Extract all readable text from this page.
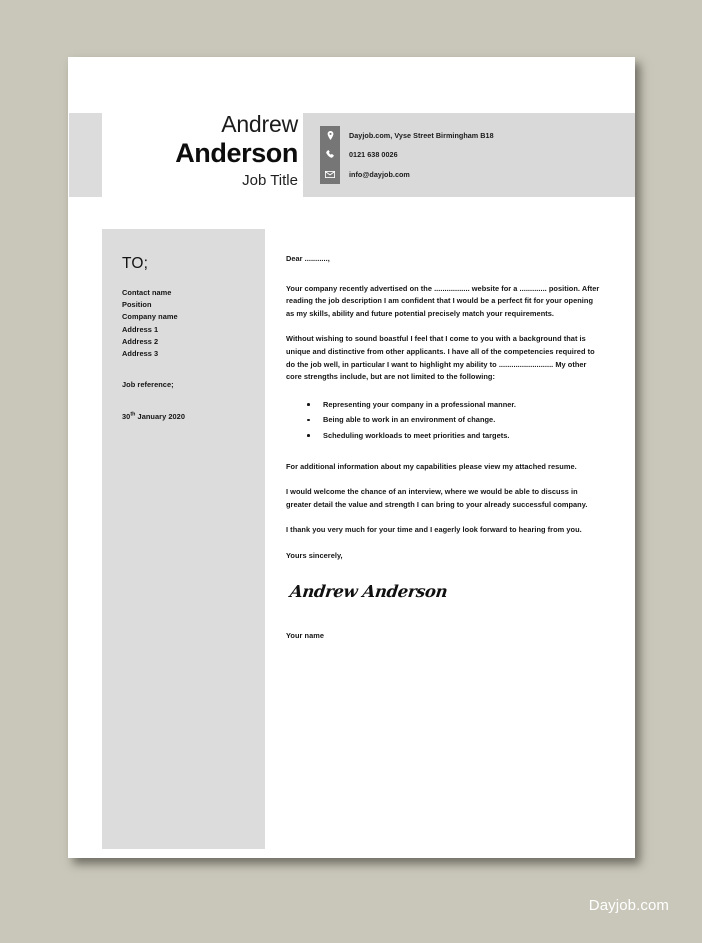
Andrew
Anderson
Job Title
Dayjob.com, Vyse Street Birmingham B18
0121 638 0026
info@dayjob.com
TO;
Contact name
Position
Company name
Address 1
Address 2
Address 3
Job reference;
30th January 2020
Dear ...........,
Your company recently advertised on the ................. website for a ............. position. After reading the job description I am confident that I would be a perfect fit for your opening as my skills, ability and future potential precisely match your requirements.
Without wishing to sound boastful I feel that I come to you with a background that is unique and distinctive from other applicants. I have all of the competencies required to do the job well, in particular I want to highlight my ability to .......................... My other core strengths include, but are not limited to the following:
Representing your company in a professional manner.
Being able to work in an environment of change.
Scheduling workloads to meet priorities and targets.
For additional information about my capabilities please view my attached resume.
I would welcome the chance of an interview, where we would be able to discuss in greater detail the value and strength I can bring to your already successful company.
I thank you very much for your time and I eagerly look forward to hearing from you.
Yours sincerely,
Andrew Anderson
Your name
Dayjob.com
